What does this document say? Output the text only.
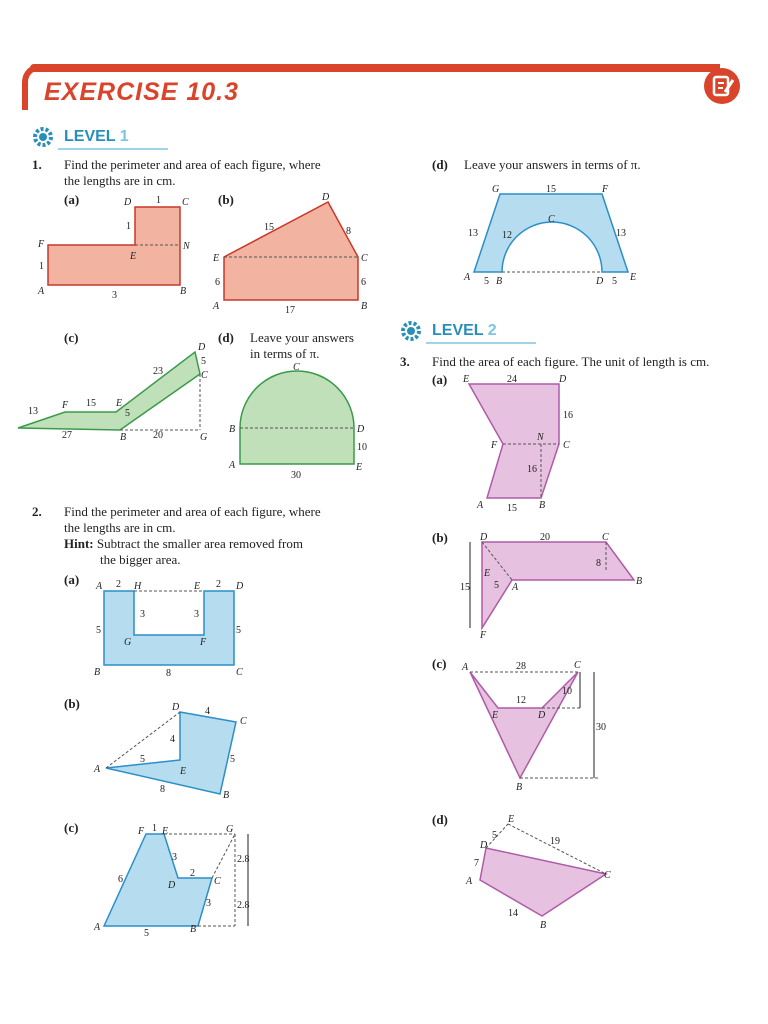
EXERCISE 10.3
LEVEL 1
1. Find the perimeter and area of each figure, where
the lengths are in cm.
(a)	(b)
D 1 C
1
F
E
N
1
A	3	B
D
15	8
E	C
6	6
A	17	B
(c)
13
F 15 E
23
D
5
C
5
27	B	20	G
(d) Leave your answers
in terms of π.
C
B	D
10
A
30
E
2. Find the perimeter and area of each figure, where
the lengths are in cm.
Hint: Subtract the smaller area removed from
the bigger area.
(a) A 2 H	E 2 D
3	3
5	5
G	F
B	8	C
(b)	D	4
C
4
5
A
5
E
8
B
(c)	F 1 E	G
3
6
D
2
C
3
2.8
2.8
A
5	B
(d) Leave your answers in terms of π.
G	15	F
13 12
C
13
A 5 B	D 5 E
LEVEL 2
3. Find the area of each figure. The unit of length is cm.
(a) E	24	D
16
F
N
C
16
A 15 B
(b)	D	20	C
8
B
E
5 A
15
F
(c) A	28	C
12
E	D
10
30
B
(d)	E
5
19
D
7
A
C
14
B
